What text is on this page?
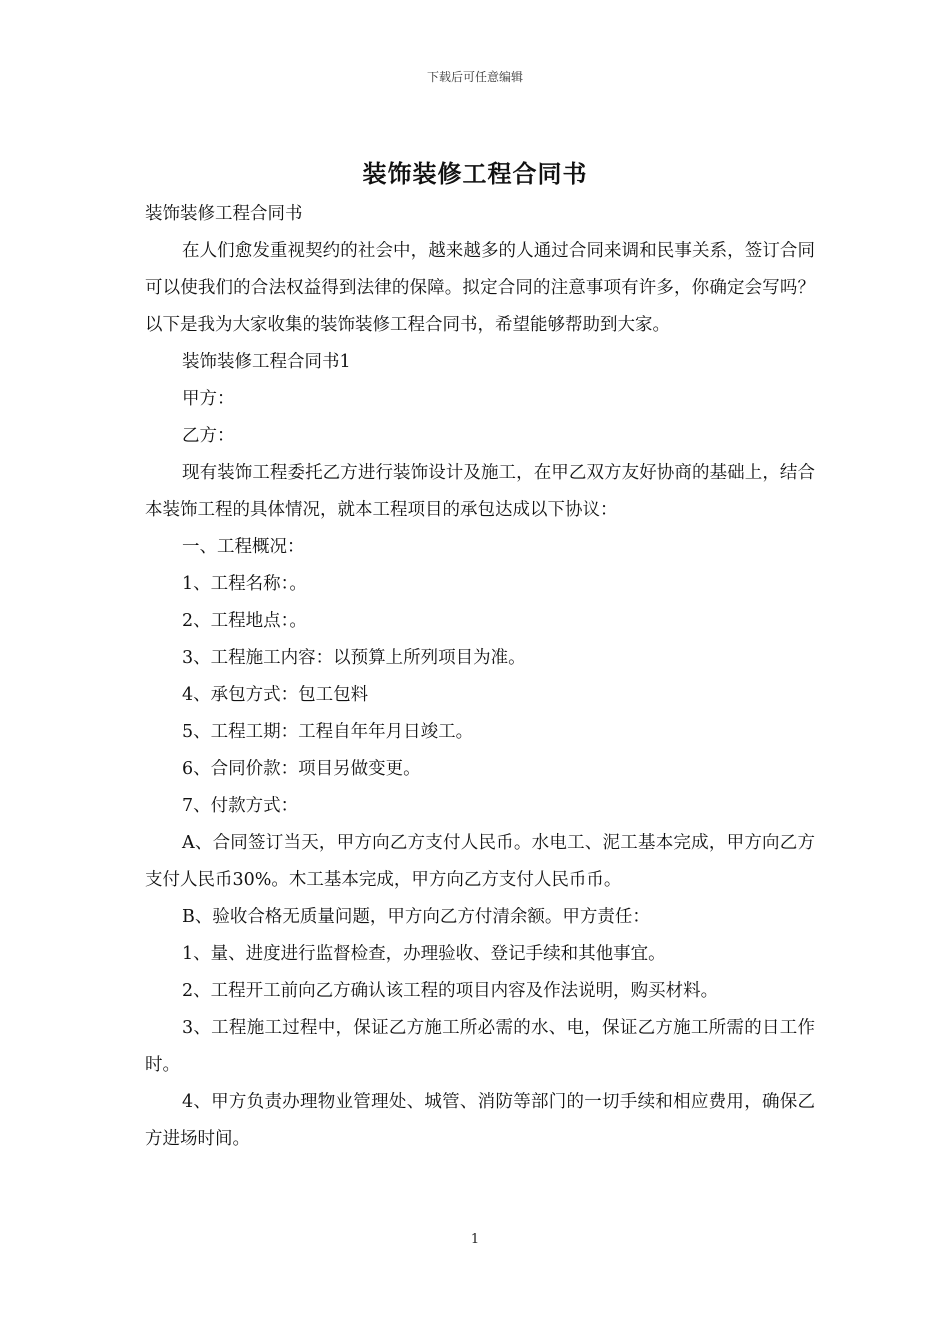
下载后可任意编辑
装饰装修工程合同书

装饰装修工程合同书

在人们愈发重视契约的社会中，越来越多的人通过合同来调和民事关系，签订合同可以使我们的合法权益得到法律的保障。拟定合同的注意事项有许多，你确定会写吗？以下是我为大家收集的装饰装修工程合同书，希望能够帮助到大家。

装饰装修工程合同书1

甲方：

乙方：

现有装饰工程委托乙方进行装饰设计及施工，在甲乙双方友好协商的基础上，结合本装饰工程的具体情况，就本工程项目的承包达成以下协议：

一、工程概况：

1、工程名称：。

2、工程地点：。

3、工程施工内容：以预算上所列项目为准。

4、承包方式：包工包料

5、工程工期：工程自年年月日竣工。

6、合同价款：项目另做变更。

7、付款方式：

A、合同签订当天，甲方向乙方支付人民币。水电工、泥工基本完成，甲方向乙方支付人民币30%。木工基本完成，甲方向乙方支付人民币币。

B、验收合格无质量问题，甲方向乙方付清余额。甲方责任：

1、量、进度进行监督检查，办理验收、登记手续和其他事宜。

2、工程开工前向乙方确认该工程的项目内容及作法说明，购买材料。

3、工程施工过程中，保证乙方施工所必需的水、电，保证乙方施工所需的日工作时。

4、甲方负责办理物业管理处、城管、消防等部门的一切手续和相应费用，确保乙方进场时间。

1
